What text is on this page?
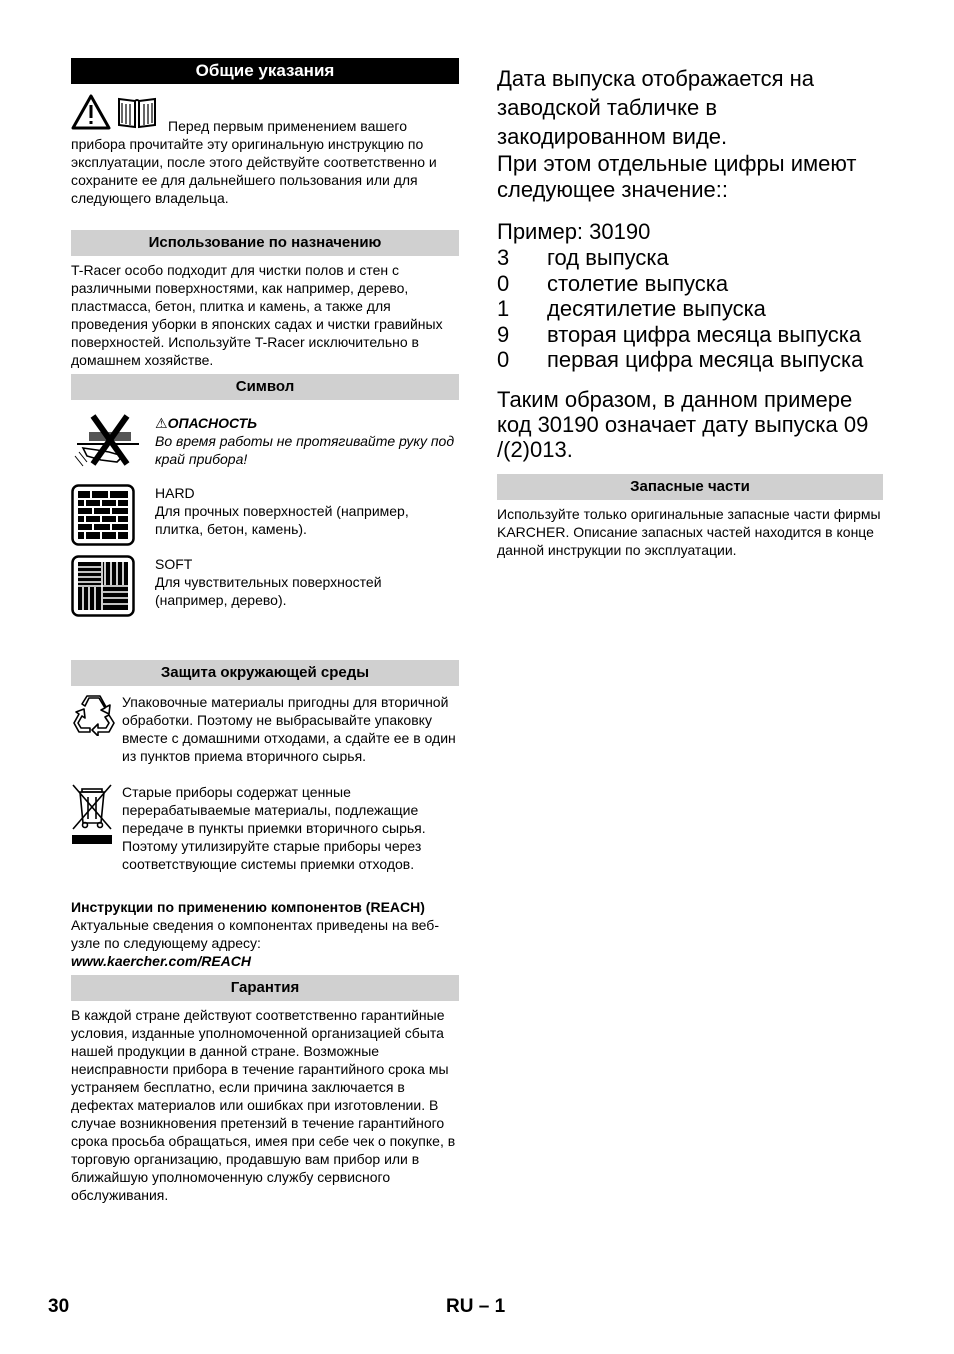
Общие указания

Перед первым применением вашего прибора прочитайте эту оригинальную инструкцию по эксплуатации, после этого действуйте соответственно и сохраните ее для дальнейшего пользования или для следующего владельца.

Использование по назначению

T-Racer особо подходит для чистки полов и стен с различными поверхностями, как например, дерево, пластмасса, бетон, плитка и камень, а также для проведения уборки в японских садах и чистки гравийных поверхностей. Используйте T-Racer исключительно в домашнем хозяйстве.

Символ
⚠ОПАСНОСТЬ

Во время работы не протягивайте руку под край прибора!

HARD

Для прочных поверхностей (например, плитка, бетон, камень).

SOFT

Для чувствительных поверхностей (например, дерево).

Защита окружающей среды

Упаковочные материалы пригодны для вторичной обработки. Поэтому не выбрасывайте упаковку вместе с домашними отходами, а сдайте ее в один из пунктов приема вторичного сырья.

Старые приборы содержат ценные перерабатываемые материалы, подлежащие передаче в пункты приемки вторичного сырья. Поэтому утилизируйте старые приборы через соответствующие системы приемки отходов.

Инструкции по применению компонентов (REACH)

Актуальные сведения о компонентах приведены на веб-узле по следующему адресу:

www.kaercher.com/REACH

Гарантия

В каждой стране действуют соответственно гарантийные условия, изданные уполномоченной организацией сбыта нашей продукции в данной стране. Возможные неисправности прибора в течение гарантийного срока мы устраняем бесплатно, если причина заключается в дефектах материалов или ошибках при изготовлении. В случае возникновения претензий в течение гарантийного срока просьба обращаться, имея при себе чек о покупке, в торговую организацию, продавшую вам прибор или в ближайшую уполномоченную службу сервисного обслуживания.

Дата выпуска отображается на заводской табличке в закодированном виде.

При этом отдельные цифры имеют следующее значение::

Пример: 30190

3	год выпуска
0	столетие выпуска
1	десятилетие выпуска
9	вторая цифра месяца выпуска
0	первая цифра месяца выпуска

Таким образом, в данном примере код 30190 означает дату выпуска 09 /(2)013.

Запасные части

Используйте только оригинальные запасные части фирмы KARCHER. Описание запасных частей находится в конце данной инструкции по эксплуатации.

30	RU – 1
